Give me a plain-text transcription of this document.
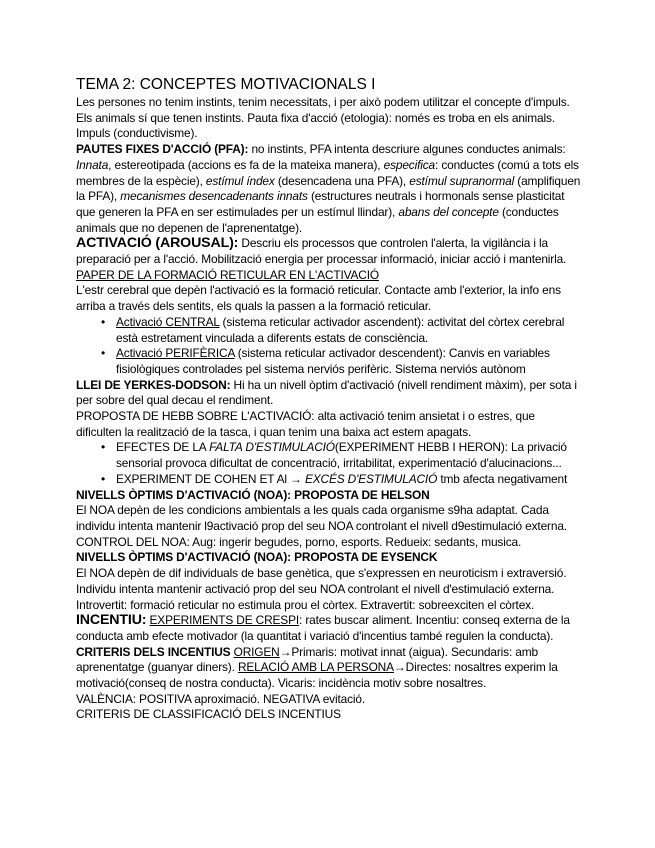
TEMA 2: CONCEPTES MOTIVACIONALS I

Les persones no tenim instints, tenim necessitats, i per això podem utilitzar el concepte d'impuls. Els animals sí que tenen instints. Pauta fixa d'acció (etologia): només es troba en els animals. Impuls (conductivisme).

PAUTES FIXES D'ACCIÓ (PFA): no instints, PFA intenta descriure algunes conductes animals: Innata, estereotipada (accions es fa de la mateixa manera), especifica: conductes (comú a tots els membres de la espècie), estímul índex (desencadena una PFA), estímul supranormal (amplifiquen la PFA), mecanismes desencadenants innats (estructures neutrals i hormonals sense plasticitat que generen la PFA en ser estimulades per un estímul llindar), abans del concepte (conductes animals que no depenen de l'aprenentatge).

ACTIVACIÓ (AROUSAL): Descriu els processos que controlen l'alerta, la vigilància i la preparació per a l'acció. Mobilització energia per processar informació, iniciar acció i mantenirla.

PAPER DE LA FORMACIÓ RETICULAR EN L'ACTIVACIÓ

L'estr cerebral que depèn l'activació es la formació reticular. Contacte amb l'exterior, la info ens arriba a través dels sentits, els quals la passen a la formació reticular.

• Activació CENTRAL (sistema reticular activador ascendent): activitat del còrtex cerebral està estretament vinculada a diferents estats de consciència.
• Activació PERIFÈRICA (sistema reticular activador descendent): Canvis en variables fisiològiques controlades pel sistema nerviós perifèric. Sistema nerviós autònom

LLEI DE YERKES-DODSON: Hi ha un nivell òptim d'activació (nivell rendiment màxim), per sota i per sobre del qual decau el rendiment.

PROPOSTA DE HEBB SOBRE L'ACTIVACIÓ: alta activació tenim ansietat i o estres, que dificulten la realització de la tasca, i quan tenim una baixa act estem apagats.

• EFECTES DE LA FALTA D'ESTIMULACIÓ(EXPERIMENT HEBB I HERON): La privació sensorial provoca dificultat de concentració, irritabilitat, experimentació d'alucinacions...
• EXPERIMENT DE COHEN ET Al → EXCÉS D'ESTIMULACIÓ tmb afecta negativament

NIVELLS ÒPTIMS D'ACTIVACIÓ (NOA): PROPOSTA DE HELSON

El NOA depèn de les condicions ambientals a les quals cada organisme s9ha adaptat. Cada individu intenta mantenir l9activació prop del seu NOA controlant el nivell d9estimulació externa. CONTROL DEL NOA: Aug: ingerir begudes, porno, esports. Redueix: sedants, musica.

NIVELLS ÒPTIMS D'ACTIVACIÓ (NOA): PROPOSTA DE EYSENCK

El NOA depèn de dif individuals de base genètica, que s'expressen en neuroticism i extraversió. Individu intenta mantenir activació prop del seu NOA controlant el nivell d'estimulació externa. Introvertit: formació reticular no estimula prou el còrtex. Extravertit: sobreexciten el còrtex.

INCENTIU: EXPERIMENTS DE CRESPI: rates buscar aliment. Incentiu: conseq externa de la conducta amb efecte motivador (la quantitat i variació d'incentius també regulen la conducta).

CRITERIS DELS INCENTIUS ORIGEN→Primaris: motivat innat (aigua). Secundaris: amb aprenentatge (guanyar diners). RELACIÓ AMB LA PERSONA→Directes: nosaltres experim la motivació(conseq de nostra conducta). Vicaris: incidència motiv sobre nosaltres.

VALÈNCIA: POSITIVA aproximació. NEGATIVA evitació.

CRITERIS DE CLASSIFICACIÓ DELS INCENTIUS
